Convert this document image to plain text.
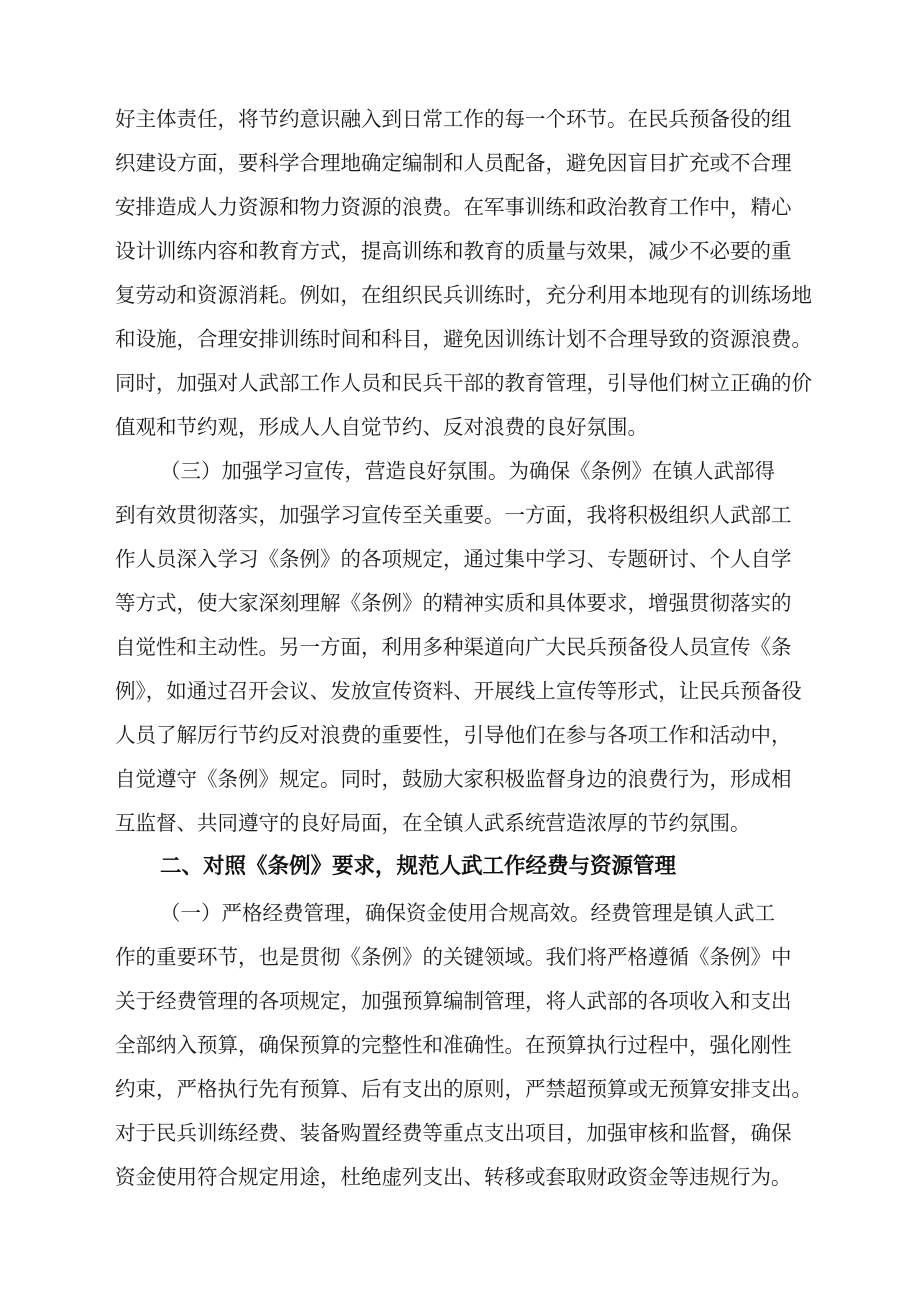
好主体责任，将节约意识融入到日常工作的每一个环节。在民兵预备役的组
织建设方面，要科学合理地确定编制和人员配备，避免因盲目扩充或不合理
安排造成人力资源和物力资源的浪费。在军事训练和政治教育工作中，精心
设计训练内容和教育方式，提高训练和教育的质量与效果，减少不必要的重
复劳动和资源消耗。例如，在组织民兵训练时，充分利用本地现有的训练场地
和设施，合理安排训练时间和科目，避免因训练计划不合理导致的资源浪费。
同时，加强对人武部工作人员和民兵干部的教育管理，引导他们树立正确的价
值观和节约观，形成人人自觉节约、反对浪费的良好氛围。
（三）加强学习宣传，营造良好氛围。为确保《条例》在镇人武部得
到有效贯彻落实，加强学习宣传至关重要。一方面，我将积极组织人武部工
作人员深入学习《条例》的各项规定，通过集中学习、专题研讨、个人自学
等方式，使大家深刻理解《条例》的精神实质和具体要求，增强贯彻落实的
自觉性和主动性。另一方面，利用多种渠道向广大民兵预备役人员宣传《条
例》，如通过召开会议、发放宣传资料、开展线上宣传等形式，让民兵预备役
人员了解厉行节约反对浪费的重要性，引导他们在参与各项工作和活动中，
自觉遵守《条例》规定。同时，鼓励大家积极监督身边的浪费行为，形成相
互监督、共同遵守的良好局面，在全镇人武系统营造浓厚的节约氛围。
二、对照《条例》要求，规范人武工作经费与资源管理
（一）严格经费管理，确保资金使用合规高效。经费管理是镇人武工
作的重要环节，也是贯彻《条例》的关键领域。我们将严格遵循《条例》中
关于经费管理的各项规定，加强预算编制管理，将人武部的各项收入和支出
全部纳入预算，确保预算的完整性和准确性。在预算执行过程中，强化刚性
约束，严格执行先有预算、后有支出的原则，严禁超预算或无预算安排支出。
对于民兵训练经费、装备购置经费等重点支出项目，加强审核和监督，确保
资金使用符合规定用途，杜绝虚列支出、转移或套取财政资金等违规行为。
